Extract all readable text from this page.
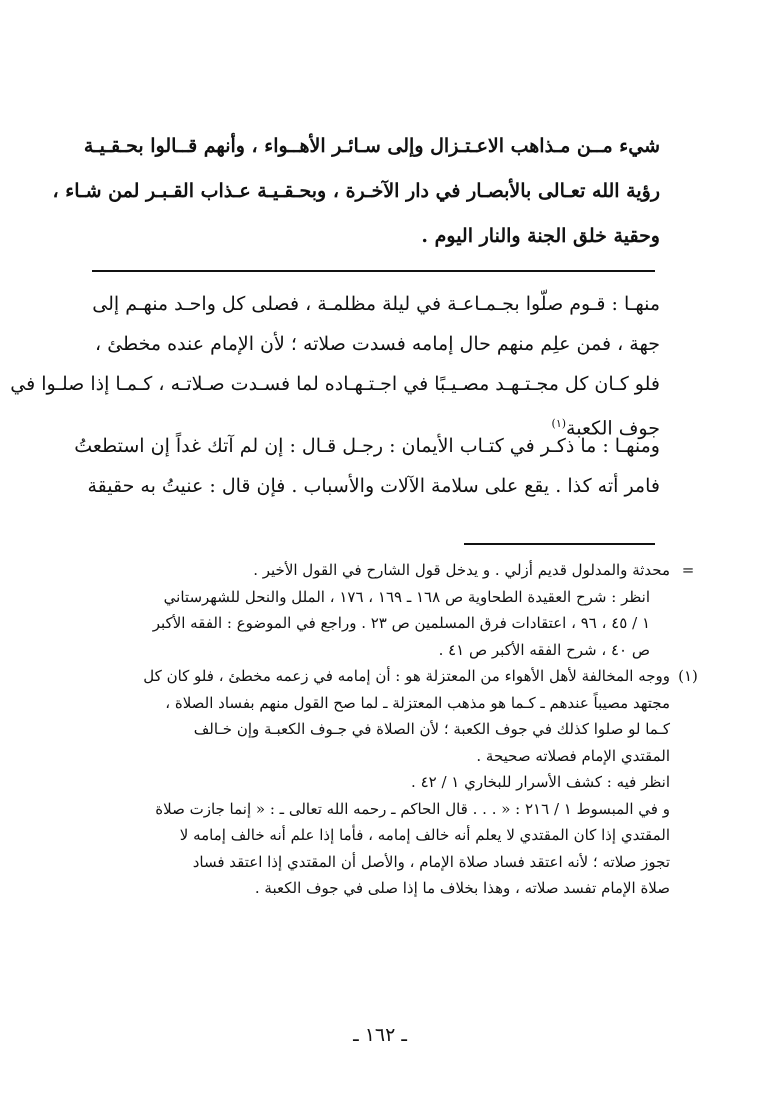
شيء مــن مـذاهب الاعـتـزال وإلى سـائـر الأهــواء ، وأنهم قــالوا بحـقـيـة
رؤية الله تعـالى بالأبصـار في دار الآخـرة ، وبحـقـيـة عـذاب القـبـر لمن شـاء ،
وحقية خلق الجنة والنار اليوم .
منهـا : قـوم صلّوا بجـمـاعـة في ليلة مظلمـة ، فصلى كل واحـد منهـم إلى
جهة ، فمن علِم منهم حال إمامه فسدت صلاته ؛ لأن الإمام عنده مخطئ ،
فلو كـان كل مجـتـهـد مصـيـبًا في اجـتـهـاده لما فسـدت صـلاتـه ، كـمـا إذا صلـوا في
جوف الكعبة$^{(١)}$
ومنهـا : ما ذكـر في كتـاب الأيمان : رجـل قـال : إن لم آتك غداً إن استطعتُ
فامر أته كذا . يقع على سلامة الآلات والأسباب . فإن قال : عنيتُ به حقيقة
=
محدثة والمدلول قديم أزلي . و يدخل قول الشارح في القول الأخير .
انظر : شرح العقيدة الطحاوية ص ١٦٨ ـ ١٦٩ ، ١٧٦ ، الملل والنحل للشهرستاني
١ / ٤٥ ، ٩٦ ، اعتقادات فرق المسلمين ص ٢٣ . وراجع في الموضوع : الفقه الأكبر
ص ٤٠ ، شرح الفقه الأكبر ص ٤١ .
(١)
ووجه المخالفة لأهل الأهواء من المعتزلة هو : أن إمامه في زعمه مخطئ ، فلو كان كل
مجتهد مصيباً عندهم ـ كـما هو مذهب المعتزلة ـ لما صح القول منهم بفساد الصلاة ،
كـما لو صلوا كذلك في جوف الكعبة ؛ لأن الصلاة في جـوف الكعبـة وإن خـالف
المقتدي الإمام فصلاته صحيحة .
انظر فيه : كشف الأسرار للبخاري ١ / ٤٢ .
و في المبسوط ١ / ٢١٦ : « . . . قال الحاكم ـ رحمه الله تعالى ـ : « إنما جازت صلاة
المقتدي إذا كان المقتدي لا يعلم أنه خالف إمامه ، فأما إذا علم أنه خالف إمامه لا
تجوز صلاته ؛ لأنه اعتقد فساد صلاة الإمام ، والأصل أن المقتدي إذا اعتقد فساد
صلاة الإمام تفسد صلاته ، وهذا بخلاف ما إذا صلى في جوف الكعبة .
ـ ١٦٢ ـ
